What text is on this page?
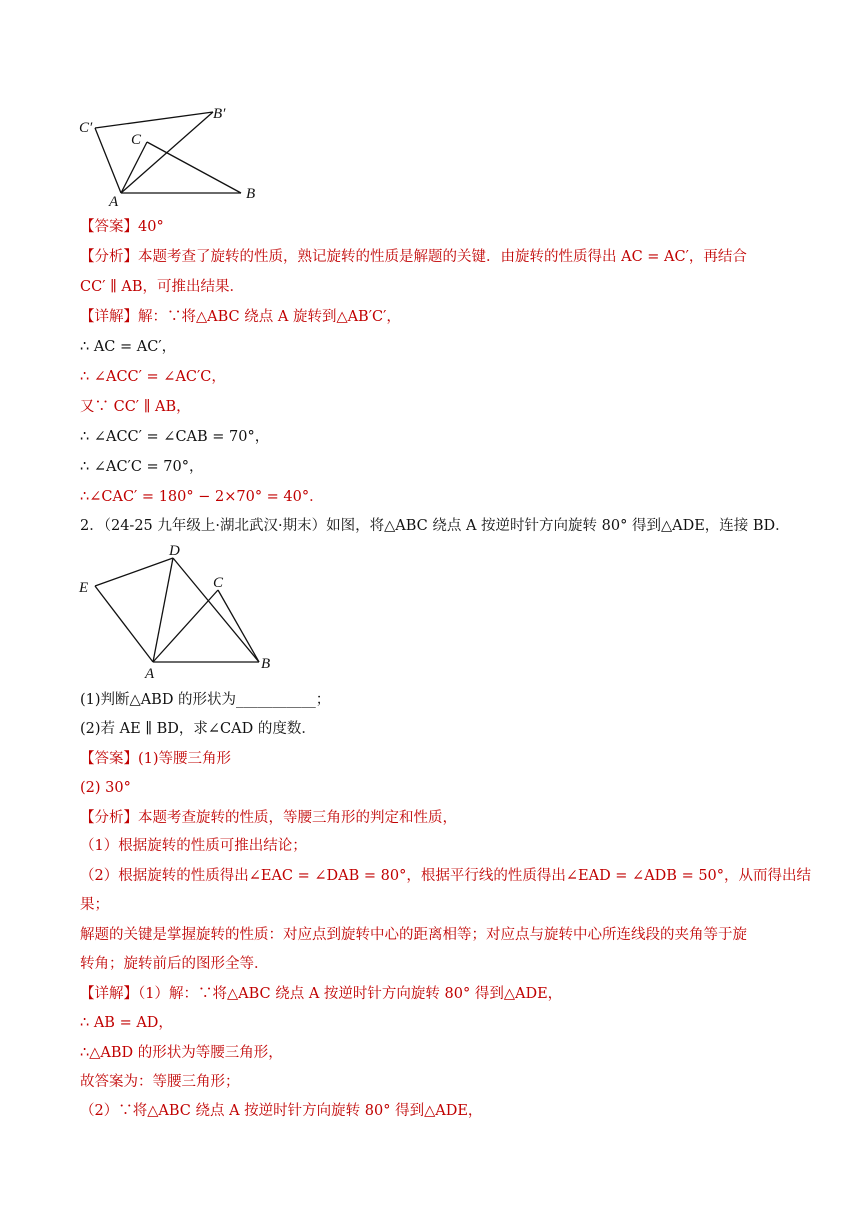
C′
C
B′
A	B
E
D
C
A
B
【答案】40°
【分析】本题考查了旋转的性质，熟记旋转的性质是解题的关键．由旋转的性质得出 AC = AC′，再结合
CC′ ∥ AB，可推出结果．
【详解】解：∵将△ABC 绕点 A 旋转到△AB′C′，
∴ AC = AC′，
∴ ∠ACC′ = ∠AC′C，
又∵ CC′ ∥ AB，
∴ ∠ACC′ = ∠CAB = 70°，
∴ ∠AC′C = 70°，
∴∠CAC′ = 180° − 2×70° = 40°．
2．（24-25 九年级上·湖北武汉·期末）如图，将△ABC 绕点 A 按逆时针方向旋转 80° 得到△ADE，连接 BD．
(1)判断△ABD 的形状为___________；
(2)若 AE ∥ BD，求∠CAD 的度数．
【答案】(1)等腰三角形
(2) 30°
【分析】本题考查旋转的性质，等腰三角形的判定和性质，
（1）根据旋转的性质可推出结论；
（2）根据旋转的性质得出∠EAC = ∠DAB = 80°，根据平行线的性质得出∠EAD = ∠ADB = 50°，从而得出结
果；
解题的关键是掌握旋转的性质：对应点到旋转中心的距离相等；对应点与旋转中心所连线段的夹角等于旋
转角；旋转前后的图形全等．
【详解】（1）解：∵将△ABC 绕点 A 按逆时针方向旋转 80° 得到△ADE，
∴ AB = AD，
∴△ABD 的形状为等腰三角形，
故答案为：等腰三角形；
（2）∵将△ABC 绕点 A 按逆时针方向旋转 80° 得到△ADE，
